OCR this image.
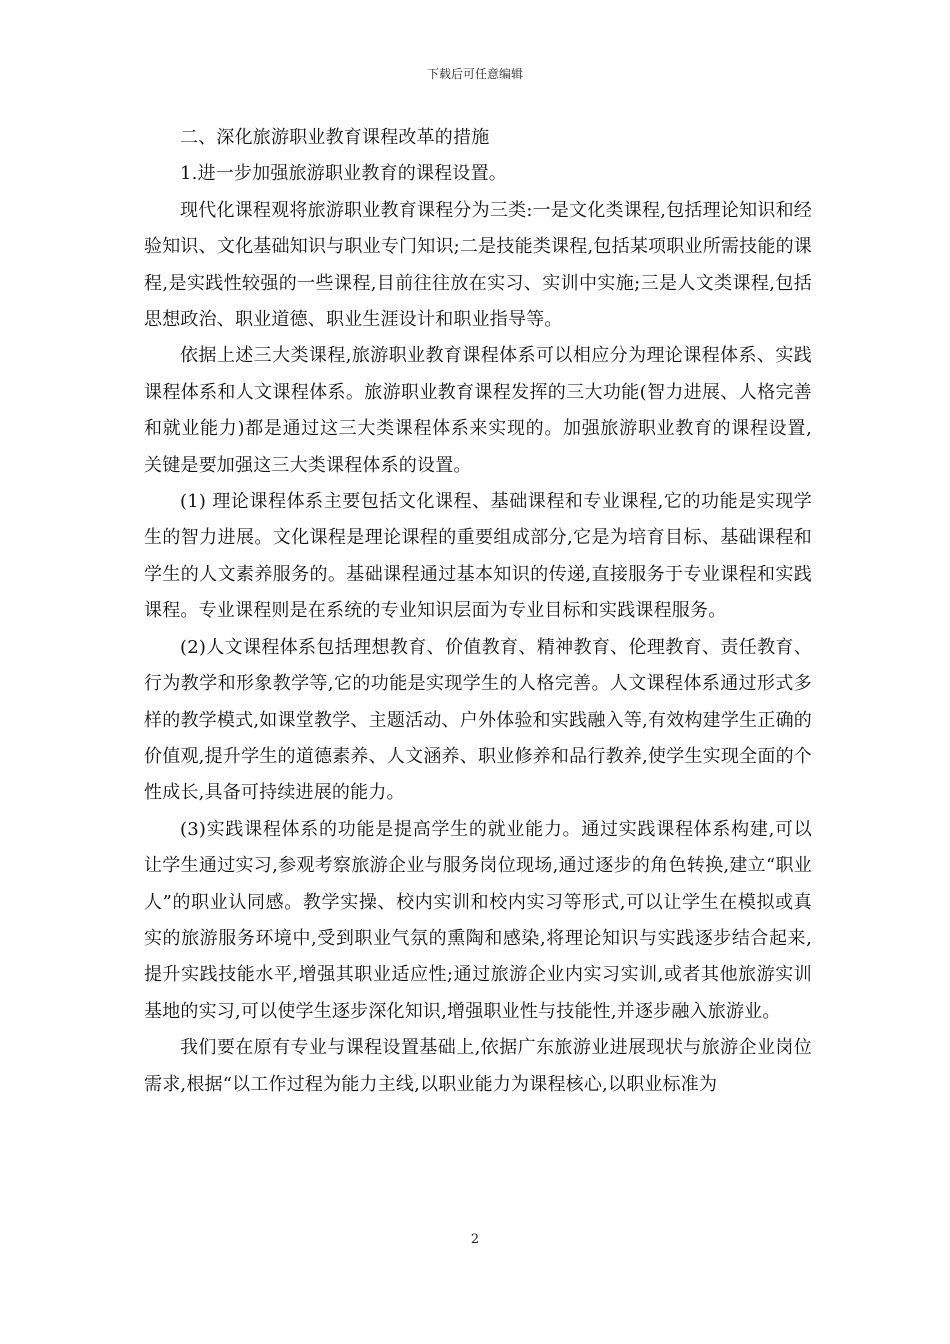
下载后可任意编辑

二、深化旅游职业教育课程改革的措施

1.进一步加强旅游职业教育的课程设置。

现代化课程观将旅游职业教育课程分为三类:一是文化类课程,包括理论知识和经验知识、文化基础知识与职业专门知识;二是技能类课程,包括某项职业所需技能的课程,是实践性较强的一些课程,目前往往放在实习、实训中实施;三是人文类课程,包括思想政治、职业道德、职业生涯设计和职业指导等。

依据上述三大类课程,旅游职业教育课程体系可以相应分为理论课程体系、实践课程体系和人文课程体系。旅游职业教育课程发挥的三大功能(智力进展、人格完善和就业能力)都是通过这三大类课程体系来实现的。加强旅游职业教育的课程设置,关键是要加强这三大类课程体系的设置。

(1) 理论课程体系主要包括文化课程、基础课程和专业课程,它的功能是实现学生的智力进展。文化课程是理论课程的重要组成部分,它是为培育目标、基础课程和学生的人文素养服务的。基础课程通过基本知识的传递,直接服务于专业课程和实践课程。专业课程则是在系统的专业知识层面为专业目标和实践课程服务。

(2)人文课程体系包括理想教育、价值教育、精神教育、伦理教育、责任教育、行为教学和形象教学等,它的功能是实现学生的人格完善。人文课程体系通过形式多样的教学模式,如课堂教学、主题活动、户外体验和实践融入等,有效构建学生正确的价值观,提升学生的道德素养、人文涵养、职业修养和品行教养,使学生实现全面的个性成长,具备可持续进展的能力。

(3)实践课程体系的功能是提高学生的就业能力。通过实践课程体系构建,可以让学生通过实习,参观考察旅游企业与服务岗位现场,通过逐步的角色转换,建立“职业人”的职业认同感。教学实操、校内实训和校内实习等形式,可以让学生在模拟或真实的旅游服务环境中,受到职业气氛的熏陶和感染,将理论知识与实践逐步结合起来,提升实践技能水平,增强其职业适应性;通过旅游企业内实习实训,或者其他旅游实训基地的实习,可以使学生逐步深化知识,增强职业性与技能性,并逐步融入旅游业。

我们要在原有专业与课程设置基础上,依据广东旅游业进展现状与旅游企业岗位需求,根据“以工作过程为能力主线,以职业能力为课程核心,以职业标准为

2
